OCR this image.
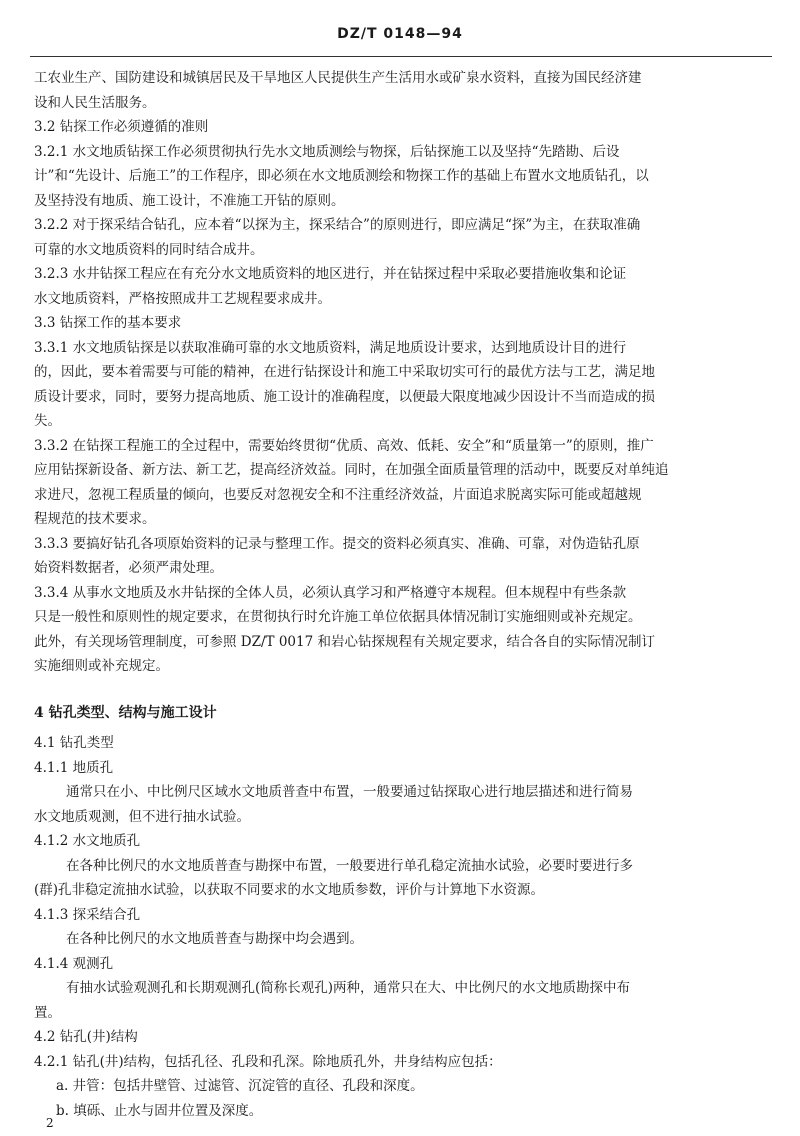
DZ/T 0148—94
工农业生产、国防建设和城镇居民及干旱地区人民提供生产生活用水或矿泉水资料，直接为国民经济建
设和人民生活服务。
3.2 钻探工作必须遵循的准则
3.2.1 水文地质钻探工作必须贯彻执行先水文地质测绘与物探，后钻探施工以及坚持“先踏勘、后设
计”和“先设计、后施工”的工作程序，即必须在水文地质测绘和物探工作的基础上布置水文地质钻孔，以
及坚持没有地质、施工设计，不准施工开钻的原则。
3.2.2 对于探采结合钻孔，应本着“以探为主，探采结合”的原则进行，即应满足“探”为主，在获取准确
可靠的水文地质资料的同时结合成井。
3.2.3 水井钻探工程应在有充分水文地质资料的地区进行，并在钻探过程中采取必要措施收集和论证
水文地质资料，严格按照成井工艺规程要求成井。
3.3 钻探工作的基本要求
3.3.1 水文地质钻探是以获取准确可靠的水文地质资料，满足地质设计要求，达到地质设计目的进行
的，因此，要本着需要与可能的精神，在进行钻探设计和施工中采取切实可行的最优方法与工艺，满足地
质设计要求，同时，要努力提高地质、施工设计的准确程度，以便最大限度地减少因设计不当而造成的损
失。
3.3.2 在钻探工程施工的全过程中，需要始终贯彻“优质、高效、低耗、安全”和“质量第一”的原则，推广
应用钻探新设备、新方法、新工艺，提高经济效益。同时，在加强全面质量管理的活动中，既要反对单纯追
求进尺，忽视工程质量的倾向，也要反对忽视安全和不注重经济效益，片面追求脱离实际可能或超越规
程规范的技术要求。
3.3.3 要搞好钻孔各项原始资料的记录与整理工作。提交的资料必须真实、准确、可靠，对伪造钻孔原
始资料数据者，必须严肃处理。
3.3.4 从事水文地质及水井钻探的全体人员，必须认真学习和严格遵守本规程。但本规程中有些条款
只是一般性和原则性的规定要求，在贯彻执行时允许施工单位依据具体情况制订实施细则或补充规定。
此外，有关现场管理制度，可参照 DZ/T 0017 和岩心钻探规程有关规定要求，结合各自的实际情况制订
实施细则或补充规定。
4 钻孔类型、结构与施工设计
4.1 钻孔类型
4.1.1 地质孔
通常只在小、中比例尺区域水文地质普查中布置，一般要通过钻探取心进行地层描述和进行简易
水文地质观测，但不进行抽水试验。
4.1.2 水文地质孔
在各种比例尺的水文地质普查与勘探中布置，一般要进行单孔稳定流抽水试验，必要时要进行多
(群)孔非稳定流抽水试验，以获取不同要求的水文地质参数，评价与计算地下水资源。
4.1.3 探采结合孔
在各种比例尺的水文地质普查与勘探中均会遇到。
4.1.4 观测孔
有抽水试验观测孔和长期观测孔(简称长观孔)两种，通常只在大、中比例尺的水文地质勘探中布
置。
4.2 钻孔(井)结构
4.2.1 钻孔(井)结构，包括孔径、孔段和孔深。除地质孔外，井身结构应包括：
a. 井管：包括井壁管、过滤管、沉淀管的直径、孔段和深度。
b. 填砾、止水与固井位置及深度。
2
